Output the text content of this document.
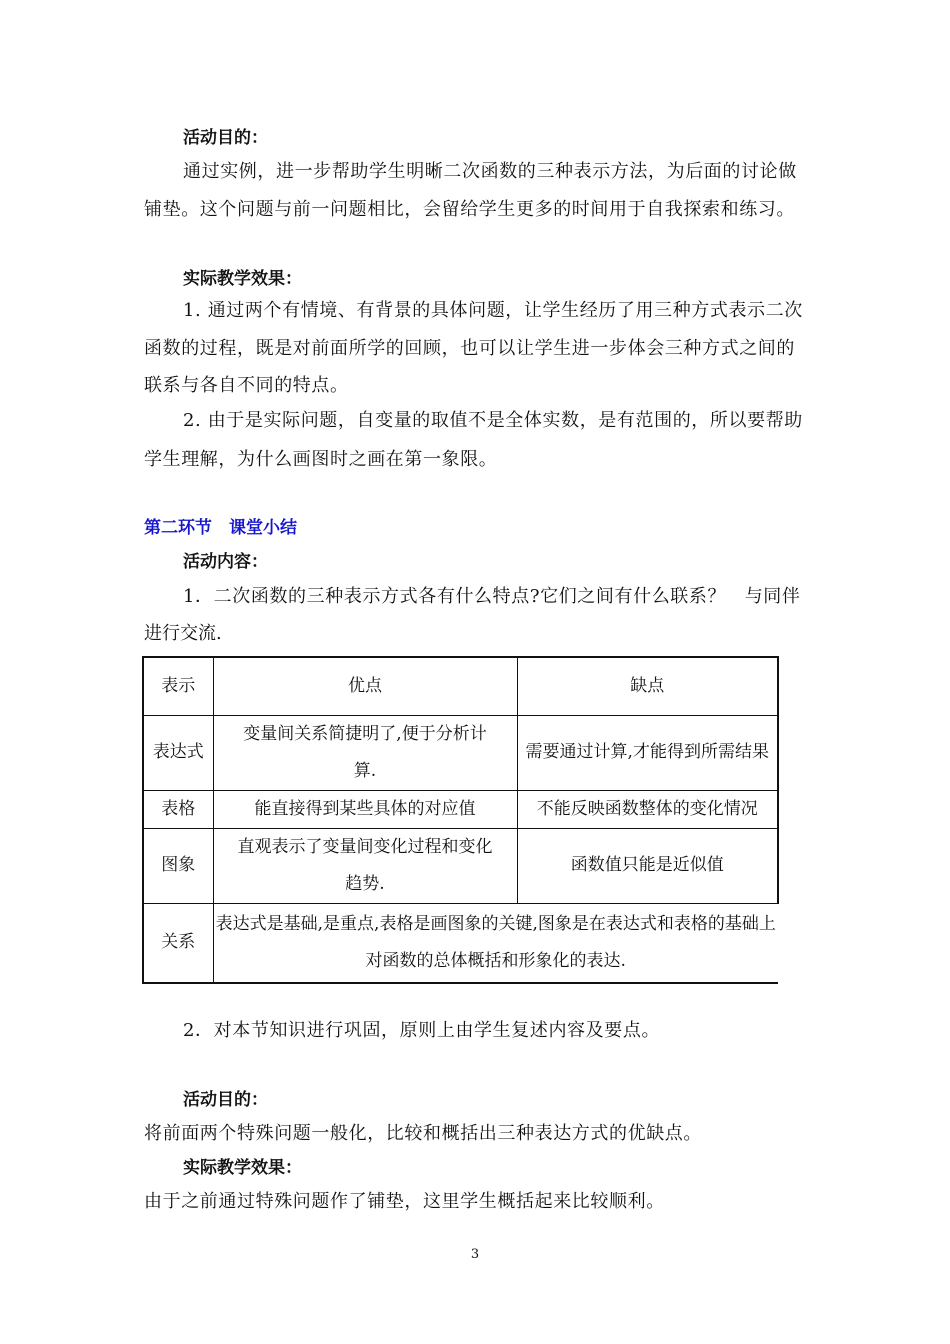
活动目的：
通过实例，进一步帮助学生明晰二次函数的三种表示方法，为后面的讨论做
铺垫。这个问题与前一问题相比，会留给学生更多的时间用于自我探索和练习。
实际教学效果：
1. 通过两个有情境、有背景的具体问题，让学生经历了用三种方式表示二次
函数的过程，既是对前面所学的回顾，也可以让学生进一步体会三种方式之间的
联系与各自不同的特点。
2. 由于是实际问题，自变量的取值不是全体实数，是有范围的，所以要帮助
学生理解，为什么画图时之画在第一象限。
第二环节　课堂小结
活动内容：
1．二次函数的三种表示方式各有什么特点?它们之间有什么联系？　与同伴
进行交流.
表示	优点	缺点
表达式	变量间关系简捷明了,便于分析计算.	需要通过计算,才能得到所需结果
表格	能直接得到某些具体的对应值	不能反映函数整体的变化情况
图象	直观表示了变量间变化过程和变化趋势.	函数值只能是近似值
关系	表达式是基础,是重点,表格是画图象的关键,图象是在表达式和表格的基础上对函数的总体概括和形象化的表达.	
2．对本节知识进行巩固，原则上由学生复述内容及要点。
活动目的：
将前面两个特殊问题一般化，比较和概括出三种表达方式的优缺点。
实际教学效果：
由于之前通过特殊问题作了铺垫，这里学生概括起来比较顺利。
3
